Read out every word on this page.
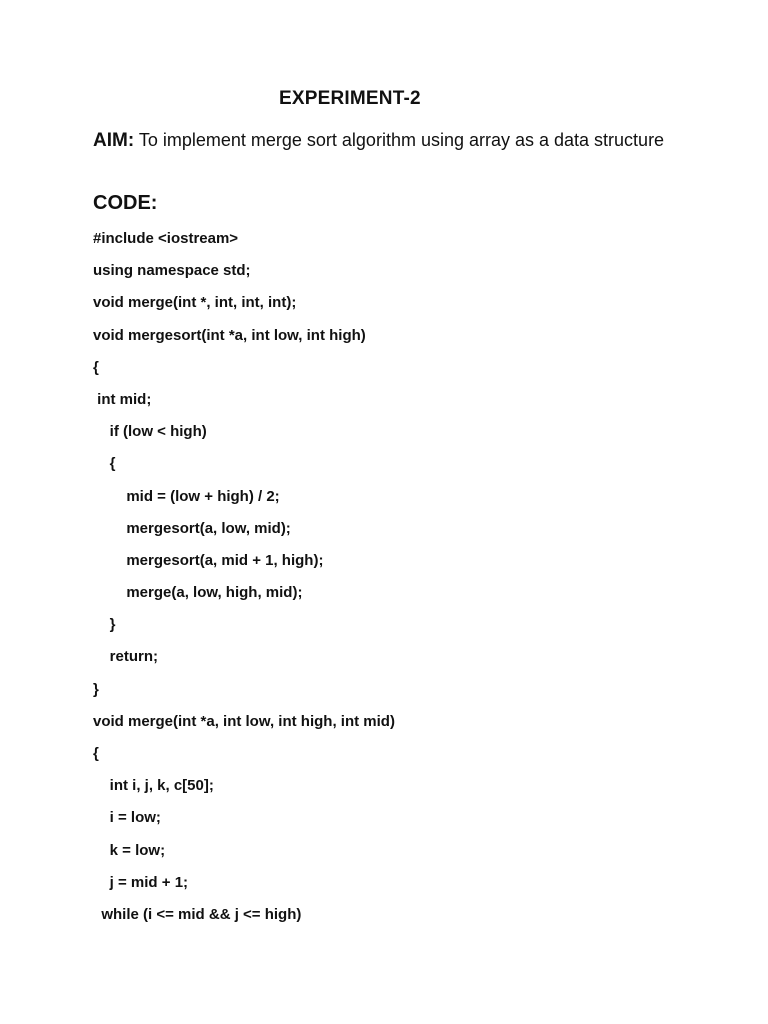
EXPERIMENT-2
AIM: To implement merge sort algorithm using array as a data structure
CODE:
#include <iostream>
using namespace std;
void merge(int *, int, int, int);
void mergesort(int *a, int low, int high)
{
int mid;
if (low < high)
{
mid = (low + high) / 2;
mergesort(a, low, mid);
mergesort(a, mid + 1, high);
merge(a, low, high, mid);
}
return;
}
void merge(int *a, int low, int high, int mid)
{
int i, j, k, c[50];
i = low;
k = low;
j = mid + 1;
while (i <= mid && j <= high)
